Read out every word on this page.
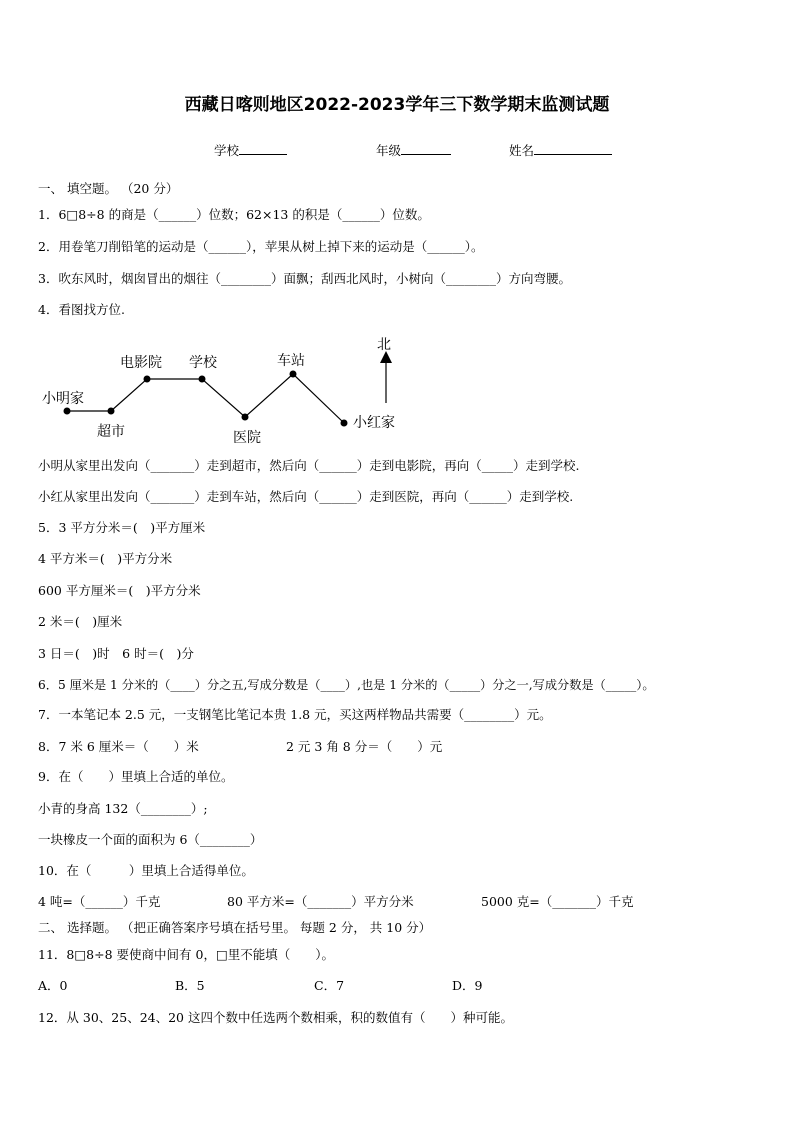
西藏日喀则地区2022-2023学年三下数学期末监测试题
学校	年级	姓名
一、 填空题。 （20 分）
1．6□8÷8 的商是（______）位数；62×13 的积是（______）位数。
2．用卷笔刀削铅笔的运动是（______），苹果从树上掉下来的运动是（______）。
3．吹东风时，烟囱冒出的烟往（________）面飘；刮西北风时，小树向（________）方向弯腰。
4．看图找方位.
小明家
超市
电影院 学校
医院
车站
小红家
北
小明从家里出发向（_______）走到超市，然后向（______）走到电影院，再向（_____）走到学校.
小红从家里出发向（_______）走到车站，然后向（______）走到医院，再向（______）走到学校.
5．3 平方分米＝(　)平方厘米
4 平方米＝(　)平方分米
600 平方厘米＝(　)平方分米
2 米＝(　)厘米
3 日＝(　)时　6 时＝(　)分
6．5 厘米是 1 分米的（____）分之五,写成分数是（____）,也是 1 分米的（_____）分之一,写成分数是（_____）。
7．一本笔记本 2.5 元，一支钢笔比笔记本贵 1.8 元，买这两样物品共需要（________）元。
8．7 米 6 厘米＝（　　）米	2 元 3 角 8 分＝（　　）元
9．在（　　）里填上合适的单位。
小青的身高 132（________）;
一块橡皮一个面的面积为 6（________）
10．在（　　　）里填上合适得单位。
4 吨=（______）千克	80 平方米=（_______）平方分米	5000 克=（_______）千克
二、 选择题。 （把正确答案序号填在括号里。 每题 2 分， 共 10 分）
11．8□8÷8 要使商中间有 0，□里不能填（　　）。
A．0	B．5	C．7	D．9
12．从 30、25、24、20 这四个数中任选两个数相乘，积的数值有（　　）种可能。
